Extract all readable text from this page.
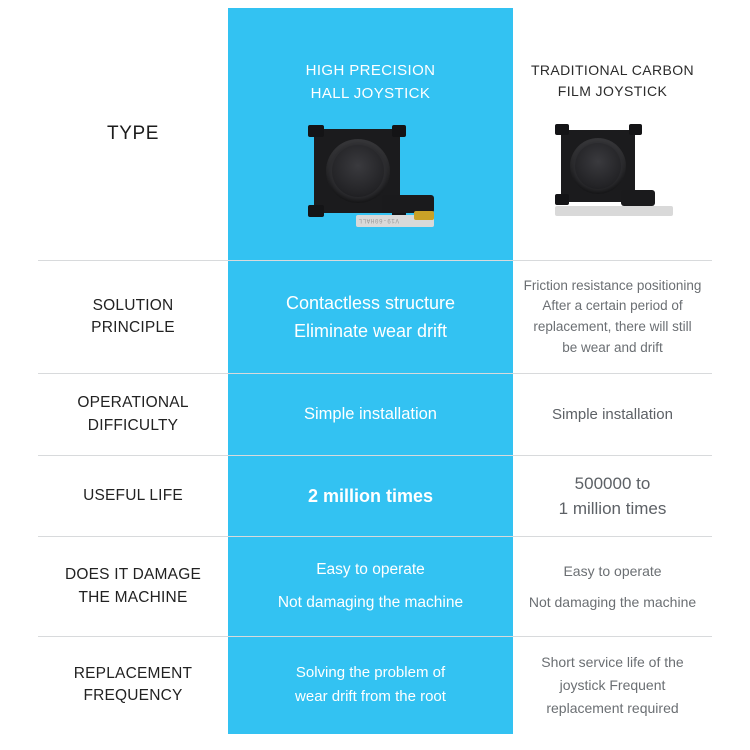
TYPE
HIGH PRECISION
HALL JOYSTICK
V19-60HALL
TRADITIONAL CARBON
FILM JOYSTICK
SOLUTION
PRINCIPLE
Contactless structure
Eliminate wear drift
Friction resistance positioning
After a certain period of
replacement, there will still
be wear and drift
OPERATIONAL
DIFFICULTY
Simple installation	Simple installation
USEFUL LIFE	2 million times
500000 to
1 million times
DOES IT DAMAGE
THE MACHINE
Easy to operate
Not damaging the machine
Easy to operate
Not damaging the machine
REPLACEMENT
FREQUENCY
Solving the problem of
wear drift from the root
Short service life of the
joystick Frequent
replacement required
